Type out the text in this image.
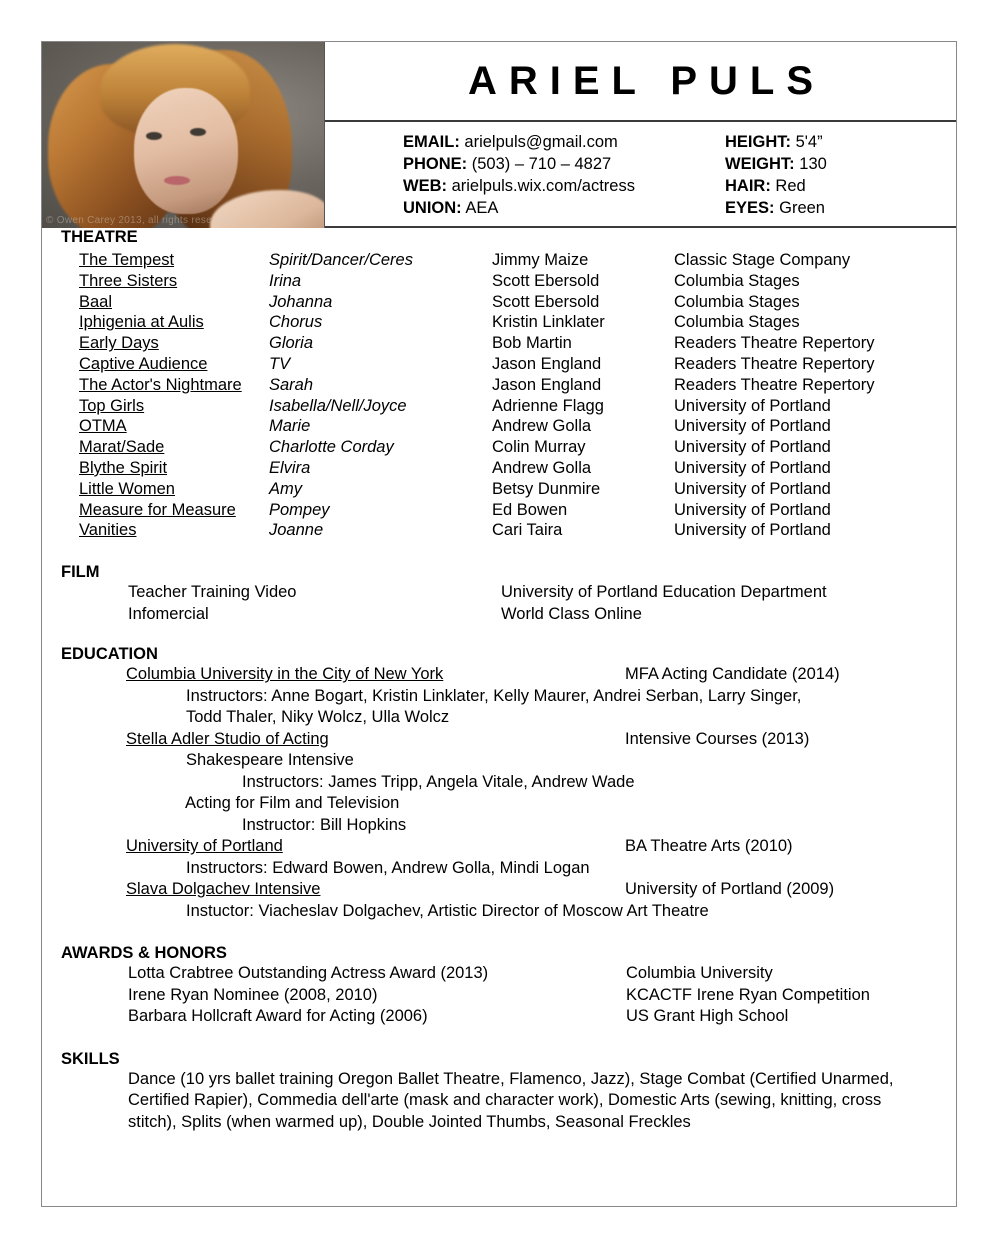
© Owen Carey 2013, all rights reserved
ARIEL PULS
EMAIL: arielpuls@gmail.com
PHONE: (503) – 710 – 4827
WEB: arielpuls.wix.com/actress
UNION: AEA
HEIGHT: 5'4”
WEIGHT: 130
HAIR: Red
EYES: Green
THEATRE
The Tempest	Spirit/Dancer/Ceres	Jimmy Maize	Classic Stage Company
Three Sisters	Irina	Scott Ebersold	Columbia Stages
Baal	Johanna	Scott Ebersold	Columbia Stages
Iphigenia at Aulis	Chorus	Kristin Linklater	Columbia Stages
Early Days	Gloria	Bob Martin	Readers Theatre Repertory
Captive Audience	TV	Jason England	Readers Theatre Repertory
The Actor's Nightmare	Sarah	Jason England	Readers Theatre Repertory
Top Girls	Isabella/Nell/Joyce	Adrienne Flagg	University of Portland
OTMA	Marie	Andrew Golla	University of Portland
Marat/Sade	Charlotte Corday	Colin Murray	University of Portland
Blythe Spirit	Elvira	Andrew Golla	University of Portland
Little Women	Amy	Betsy Dunmire	University of Portland
Measure for Measure	Pompey	Ed Bowen	University of Portland
Vanities	Joanne	Cari Taira	University of Portland
FILM
Teacher Training Video	University of Portland Education Department
Infomercial	World Class Online
EDUCATION
Columbia University in the City of New York	MFA Acting Candidate (2014)
Instructors: Anne Bogart, Kristin Linklater, Kelly Maurer, Andrei Serban, Larry Singer,
Todd Thaler, Niky Wolcz, Ulla Wolcz
Stella Adler Studio of Acting	Intensive Courses (2013)
Shakespeare Intensive
Instructors: James Tripp, Angela Vitale, Andrew Wade
Acting for Film and Television
Instructor: Bill Hopkins
University of Portland	BA Theatre Arts (2010)
Instructors: Edward Bowen, Andrew Golla, Mindi Logan
Slava Dolgachev Intensive	University of Portland (2009)
Instuctor: Viacheslav Dolgachev, Artistic Director of Moscow Art Theatre
AWARDS & HONORS
Lotta Crabtree Outstanding Actress Award (2013)	Columbia University
Irene Ryan Nominee (2008, 2010)	KCACTF Irene Ryan Competition
Barbara Hollcraft Award for Acting (2006)	US Grant High School
SKILLS
Dance (10 yrs ballet training Oregon Ballet Theatre, Flamenco, Jazz), Stage Combat (Certified Unarmed, Certified Rapier), Commedia dell'arte (mask and character work), Domestic Arts (sewing, knitting, cross stitch), Splits (when warmed up), Double Jointed Thumbs, Seasonal Freckles
